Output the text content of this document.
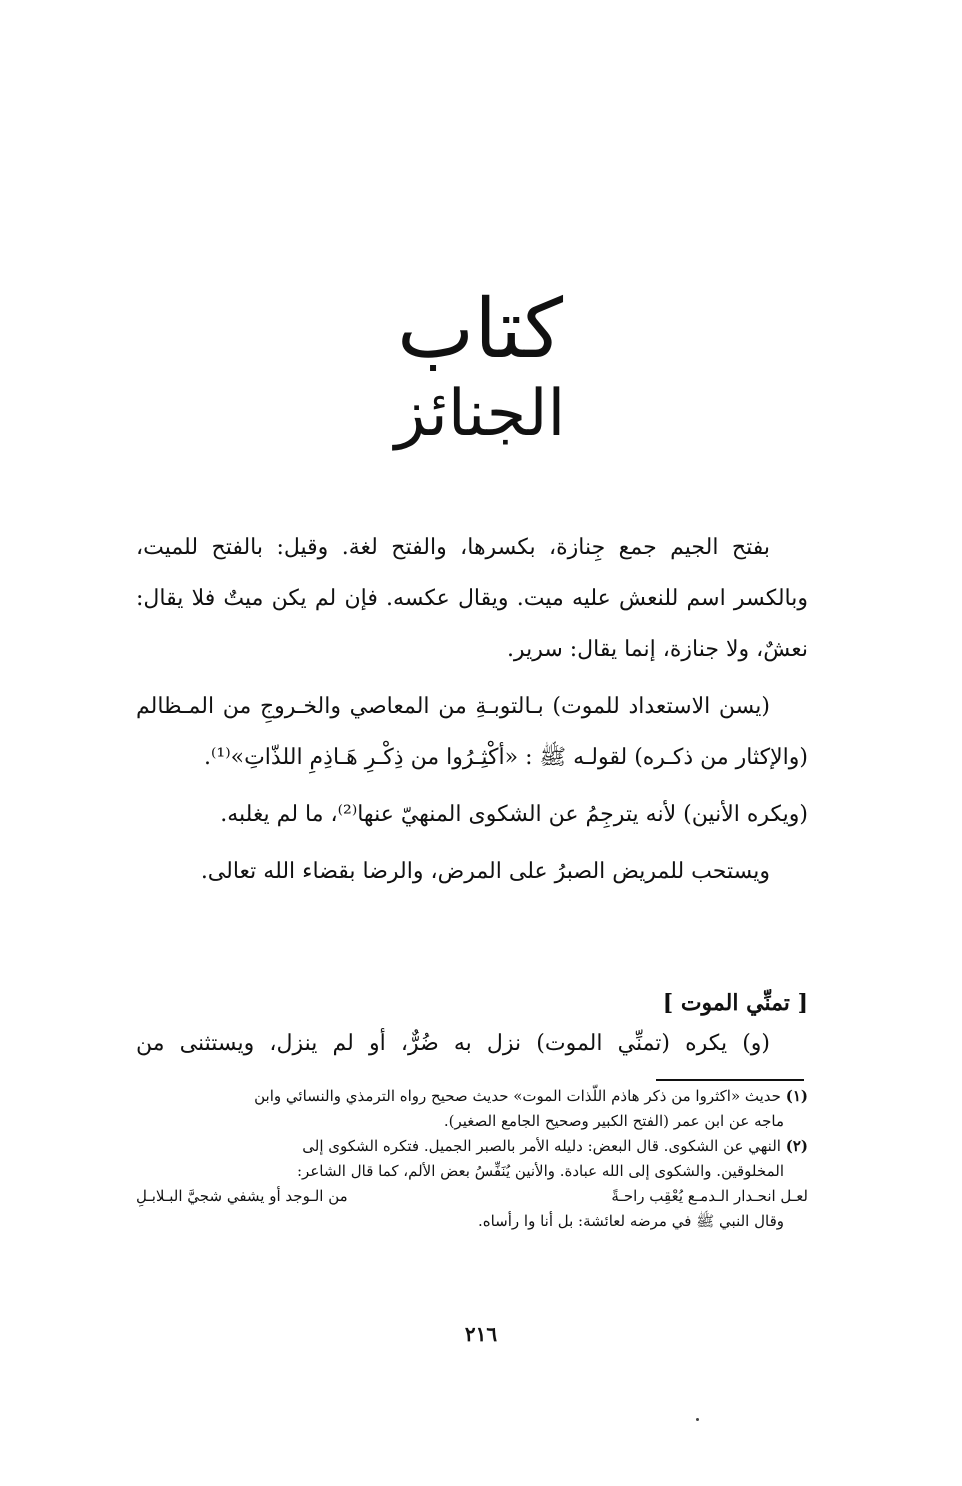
كتاب
الجنائز

بفتح الجيم جمع جِنازة، بكسرها، والفتح لغة. وقيل: بالفتح للميت، وبالكسر اسم للنعش عليه ميت. ويقال عكسه. فإن لم يكن ميتٌ فلا يقال: نعشٌ، ولا جنازة، إنما يقال: سرير.

(يسن الاستعداد للموت) بـالتوبـةِ من المعاصي والخـروجِ من المـظالم (والإكثار من ذكـره) لقولـه ﷺ : «أكْثِـرُوا من ذِكْـرِ هَـاذِمِ اللذّاتِ»⁽¹⁾.

(ويكره الأنين) لأنه يترجِمُ عن الشكوى المنهيّ عنها⁽²⁾، ما لم يغلبه.

ويستحب للمريض الصبرُ على المرض، والرضا بقضاء الله تعالى.

[ تمنِّي الموت ]
(و) يكره (تمنِّي الموت) نزل به ضُرٌّ، أو لم ينزل، ويستثنى من

(١) حديث «اكثروا من ذكر هاذم اللّذات الموت» حديث صحيح رواه الترمذي والنسائي وابن

ماجه عن ابن عمر (الفتح الكبير وصحيح الجامع الصغير).

(٢) النهي عن الشكوى. قال البعض: دليله الأمر بالصبر الجميل. فتكره الشكوى إلى

المخلوقين. والشكوى إلى الله عبادة. والأنين يُنَفِّسُ بعض الألم، كما قال الشاعر:

لعـل انحـدار الـدمـع يُعْقِب راحـةً
من الـوجد أو يشفي شجيَّ البـلابـلِ

وقال النبي ﷺ في مرضه لعائشة: بل أنا وا رأساه.

٢١٦
